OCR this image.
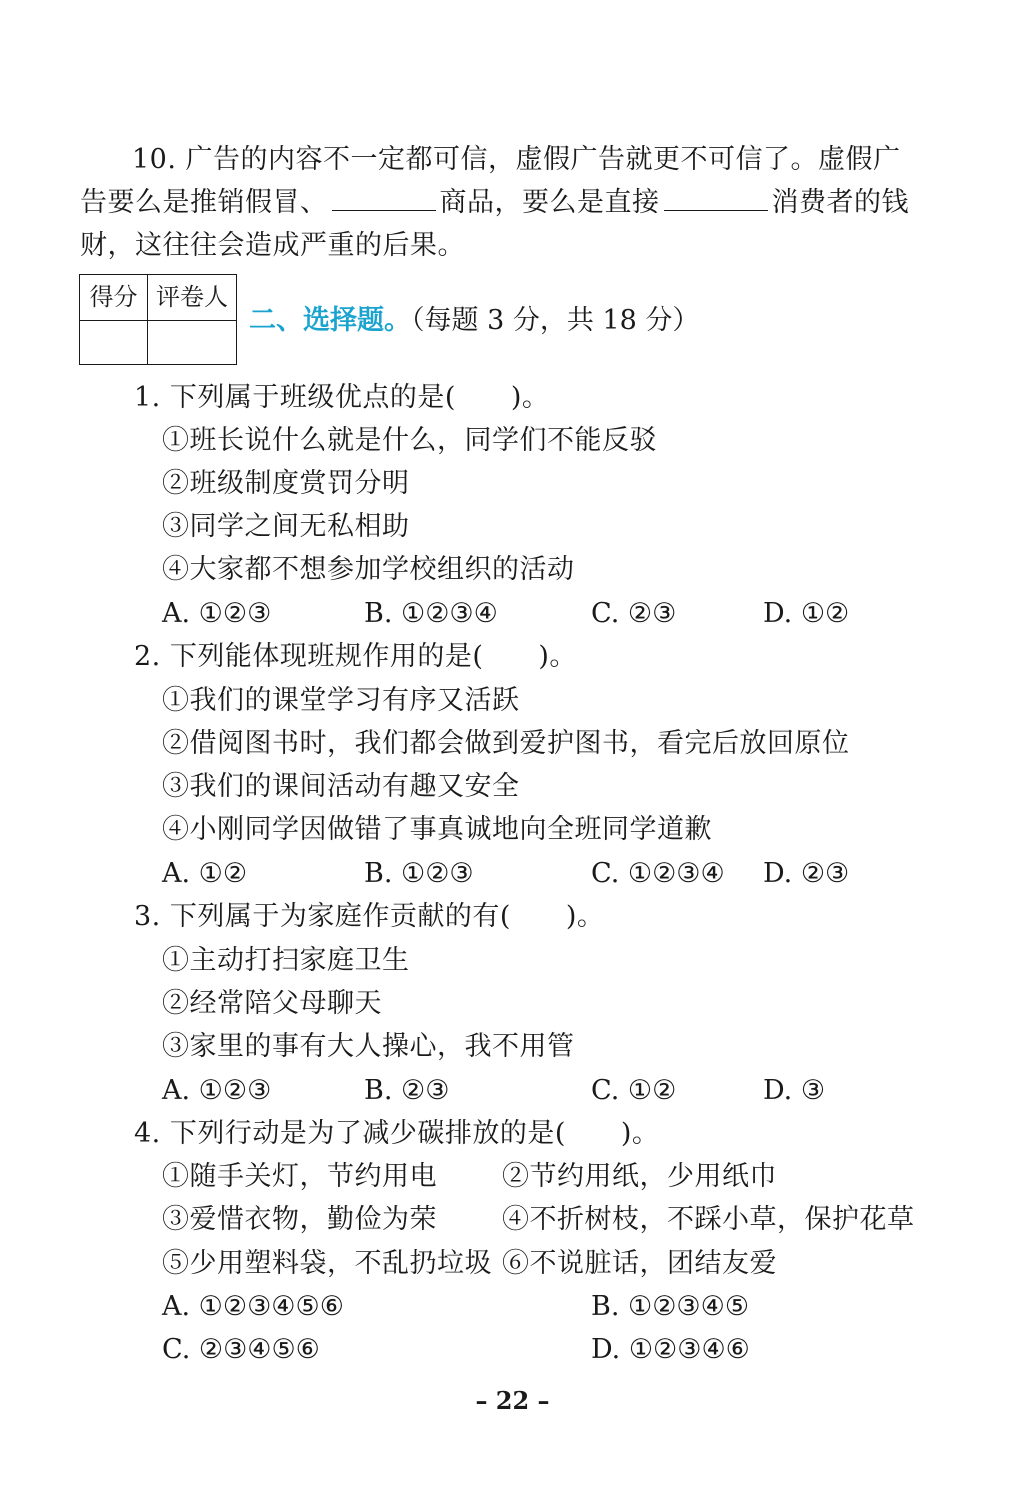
10. 广告的内容不一定都可信，虚假广告就更不可信了。虚假广
告要么是推销假冒、	商品，要么是直接	消费者的钱
财，这往往会造成严重的后果。
得分 评卷人
二、选择题。（每题 3 分，共 18 分）
1. 下列属于班级优点的是(　　)。
①班长说什么就是什么，同学们不能反驳
②班级制度赏罚分明
③同学之间无私相助
④大家都不想参加学校组织的活动
A. ①②③	B. ①②③④	C. ②③	D. ①②
2. 下列能体现班规作用的是(　　)。
①我们的课堂学习有序又活跃
②借阅图书时，我们都会做到爱护图书，看完后放回原位
③我们的课间活动有趣又安全
④小刚同学因做错了事真诚地向全班同学道歉
A. ①②	B. ①②③	C. ①②③④ D. ②③
3. 下列属于为家庭作贡献的有(　　)。
①主动打扫家庭卫生
②经常陪父母聊天
③家里的事有大人操心，我不用管
A. ①②③	B. ②③	C. ①②	D. ③
4. 下列行动是为了减少碳排放的是(　　)。
①随手关灯，节约用电 ②节约用纸，少用纸巾
③爱惜衣物，勤俭为荣 ④不折树枝，不踩小草，保护花草
⑤少用塑料袋，不乱扔垃圾 ⑥不说脏话，团结友爱
A. ①②③④⑤⑥	B. ①②③④⑤
C. ②③④⑤⑥	D. ①②③④⑥
– 22 –
